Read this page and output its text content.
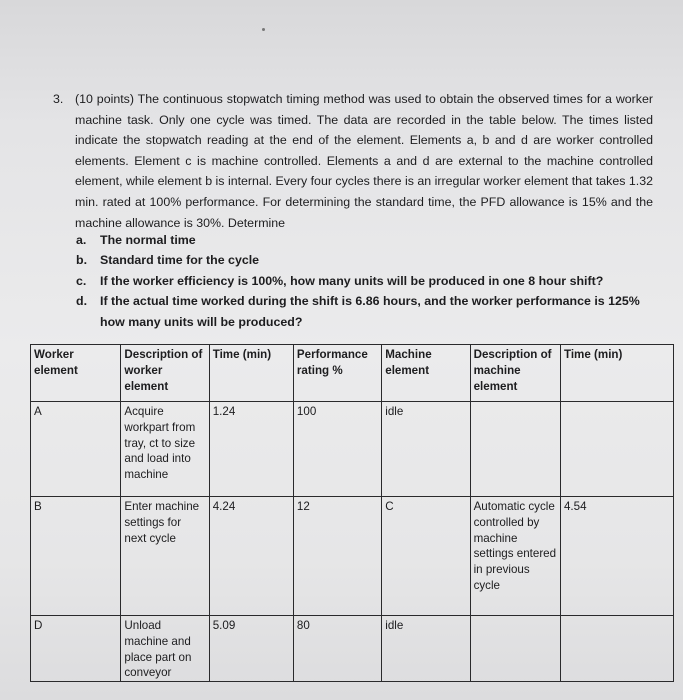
3. (10 points) The continuous stopwatch timing method was used to obtain the observed times for a worker machine task. Only one cycle was timed. The data are recorded in the table below. The times listed indicate the stopwatch reading at the end of the element. Elements a, b and d are worker controlled elements. Element c is machine controlled. Elements a and d are external to the machine controlled element, while element b is internal. Every four cycles there is an irregular worker element that takes 1.32 min. rated at 100% performance. For determining the standard time, the PFD allowance is 15% and the machine allowance is 30%. Determine
a.	The normal time
b.	Standard time for the cycle
c.	If the worker efficiency is 100%, how many units will be produced in one 8 hour shift?
d.	If the actual time worked during the shift is 6.86 hours, and the worker performance is 125% how many units will be produced?
Worker element	Description of worker element	Time (min)	Performance rating %	Machine element	Description of machine element	Time (min)
A	Acquire workpart from tray, ct to size and load into machine	1.24	100	idle		
B	Enter machine settings for next cycle	4.24	12	C	Automatic cycle controlled by machine settings entered in previous cycle	4.54
D	Unload machine and place part on conveyor	5.09	80	idle		
